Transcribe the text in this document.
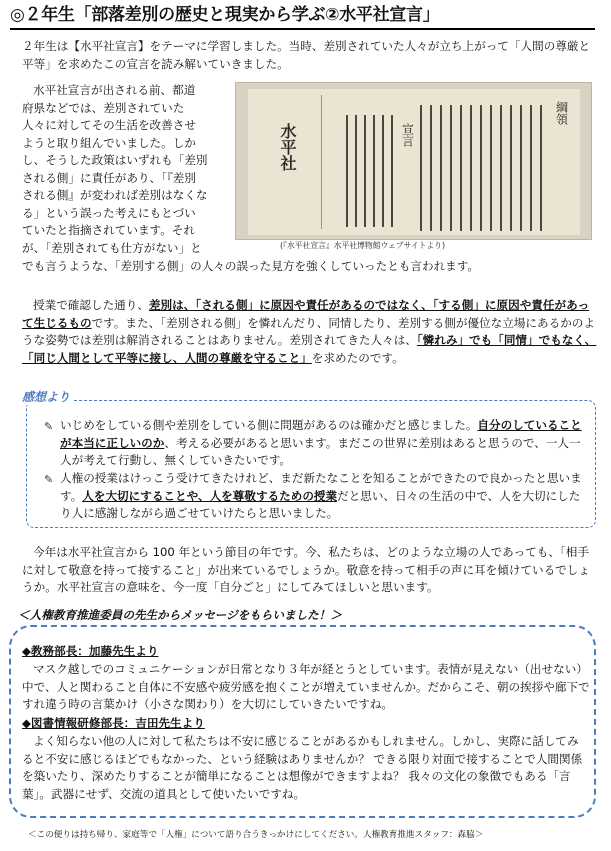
◎２年生「部落差別の歴史と現実から学ぶ②水平社宣言」

２年生は【水平社宣言】をテーマに学習しました。当時、差別されていた人々が立ち上がって「人間の尊厳と平等」を求めたこの宣言を読み解いていきました。

水平社宣言が出される前、都道
府県などでは、差別されていた
人々に対してその生活を改善させ
ようと取り組んでいました。しか
し、そうした政策はいずれも「差別
される側」に責任があり、「『差別
される側』が変われば差別はなくな
る」という誤った考えにもとづい
ていたと指摘されています。それ
が、「差別されても仕方がない」と
水平社
綱領
宣言
(『水平社宣言』水平社博物館ウェブサイトより)

でも言うような、「差別する側」の人々の誤った見方を強くしていったとも言われます。

授業で確認した通り、差別は、「される側」に原因や責任があるのではなく、「する側」に原因や責任があって生じるものです。また、「差別される側」を憐れんだり、同情したり、差別する側が優位な立場にあるかのような姿勢では差別は解消されることはありません。差別されてきた人々は、「憐れみ」でも「同情」でもなく、「同じ人間として平等に接し、人間の尊厳を守ること」を求めたのです。

感想より
✎ いじめをしている側や差別をしている側に問題があるのは確かだと感じました。自分のしていることが本当に正しいのか、考える必要があると思います。まだこの世界に差別はあると思うので、一人一人が考えて行動し、無くしていきたいです。

✎ 人権の授業はけっこう受けてきたけれど、まだ新たなことを知ることができたので良かったと思います。人を大切にすることや、人を尊敬するための授業だと思い、日々の生活の中で、人を大切にしたり人に感謝しながら過ごせていけたらと思いました。

今年は水平社宣言から 100 年という節目の年です。今、私たちは、どのような立場の人であっても、「相手に対して敬意を持って接すること」が出来ているでしょうか。敬意を持って相手の声に耳を傾けているでしょうか。水平社宣言の意味を、今一度「自分ごと」にしてみてほしいと思います。

＜人権教育推進委員の先生からメッセージをもらいました！＞
◆教務部長：加藤先生より

マスク越しでのコミュニケーションが日常となり３年が経とうとしています。表情が見えない（出せない）中で、人と関わること自体に不安感や疲労感を抱くことが増えていませんか。だからこそ、朝の挨拶や廊下ですれ違う時の言葉かけ（小さな関わり）を大切にしていきたいですね。

◆図書情報研修部長：吉田先生より

よく知らない他の人に対して私たちは不安に感じることがあるかもしれません。しかし、実際に話してみると不安に感じるほどでもなかった、という経験はありませんか？ できる限り対面で接することで人間関係を築いたり、深めたりすることが簡単になることは想像ができますよね？ 我々の文化の象徴でもある「言葉」。武器にせず、交流の道具として使いたいですね。

＜この便りは持ち帰り、家庭等で「人権」について語り合うきっかけにしてください。人権教育推進スタッフ：森脇＞
